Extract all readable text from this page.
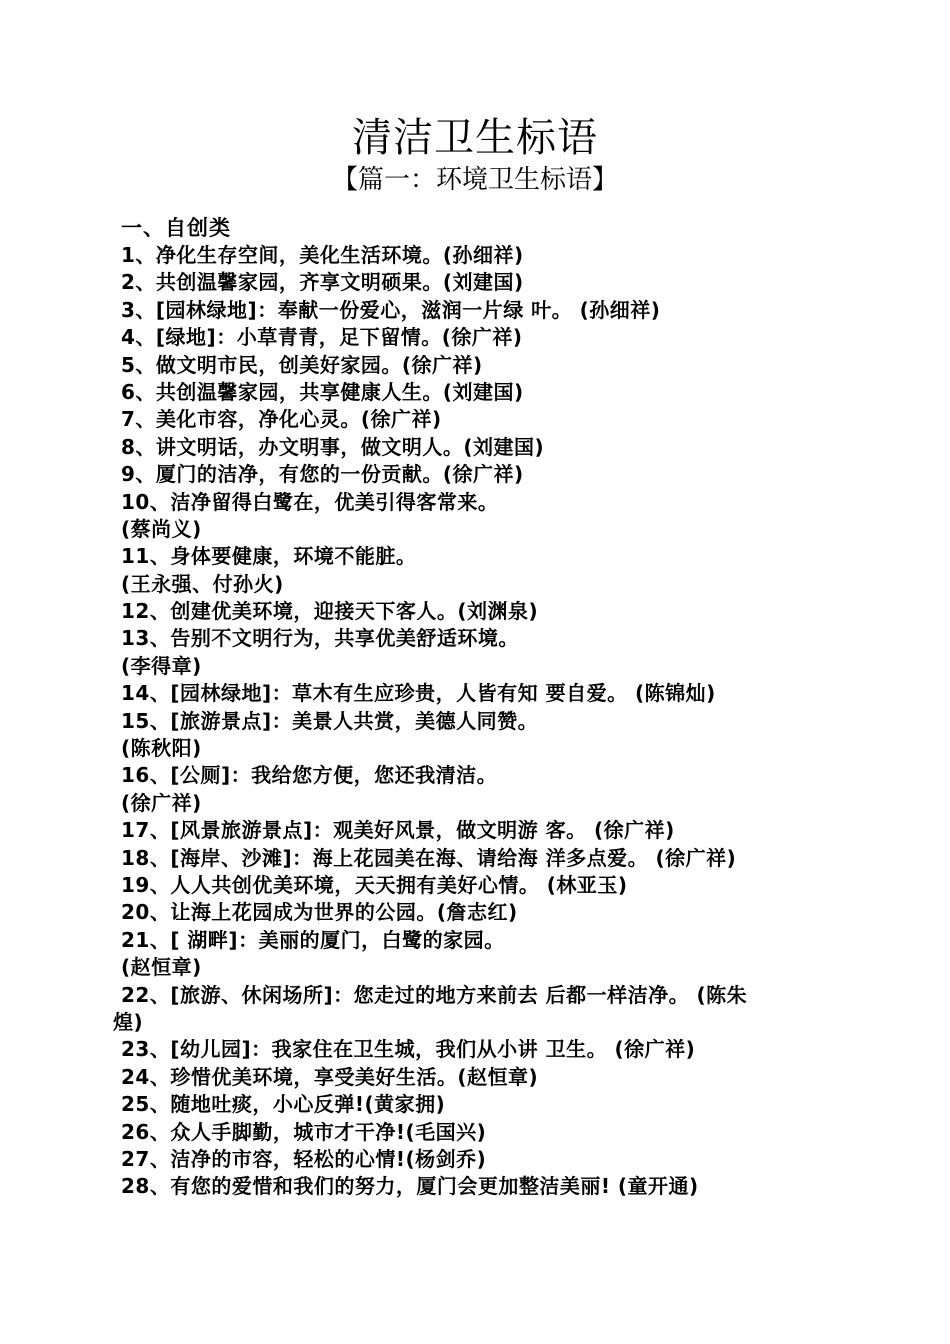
清洁卫生标语
【篇一：环境卫生标语】
一、自创类
1、净化生存空间，美化生活环境。(孙细祥)
2、共创温馨家园，齐享文明硕果。(刘建国)
3、[园林绿地]：奉献一份爱心，滋润一片绿 叶。 (孙细祥)
4、[绿地]：小草青青，足下留情。(徐广祥)
5、做文明市民，创美好家园。(徐广祥)
6、共创温馨家园，共享健康人生。(刘建国)
7、美化市容，净化心灵。(徐广祥)
8、讲文明话，办文明事，做文明人。(刘建国)
9、厦门的洁净，有您的一份贡献。(徐广祥)
10、洁净留得白鹭在，优美引得客常来。
(蔡尚义)
11、身体要健康，环境不能脏。
(王永强、付孙火)
12、创建优美环境，迎接天下客人。(刘渊泉)
13、告别不文明行为，共享优美舒适环境。
(李得章)
14、[园林绿地]：草木有生应珍贵，人皆有知 要自爱。 (陈锦灿)
15、[旅游景点]：美景人共赏，美德人同赞。
(陈秋阳)
16、[公厕]：我给您方便，您还我清洁。
(徐广祥)
17、[风景旅游景点]：观美好风景，做文明游 客。 (徐广祥)
18、[海岸、沙滩]：海上花园美在海、请给海 洋多点爱。 (徐广祥)
19、人人共创优美环境，天天拥有美好心情。 (林亚玉)
20、让海上花园成为世界的公园。(詹志红)
21、[ 湖畔]：美丽的厦门，白鹭的家园。
(赵恒章)
22、[旅游、休闲场所]：您走过的地方来前去 后都一样洁净。 (陈朱
煌)
23、[幼儿园]：我家住在卫生城，我们从小讲 卫生。 (徐广祥)
24、珍惜优美环境，享受美好生活。(赵恒章)
25、随地吐痰，小心反弹!(黄家拥)
26、众人手脚勤，城市才干净!(毛国兴)
27、洁净的市容，轻松的心情!(杨剑乔)
28、有您的爱惜和我们的努力，厦门会更加整洁美丽! (童开通)
